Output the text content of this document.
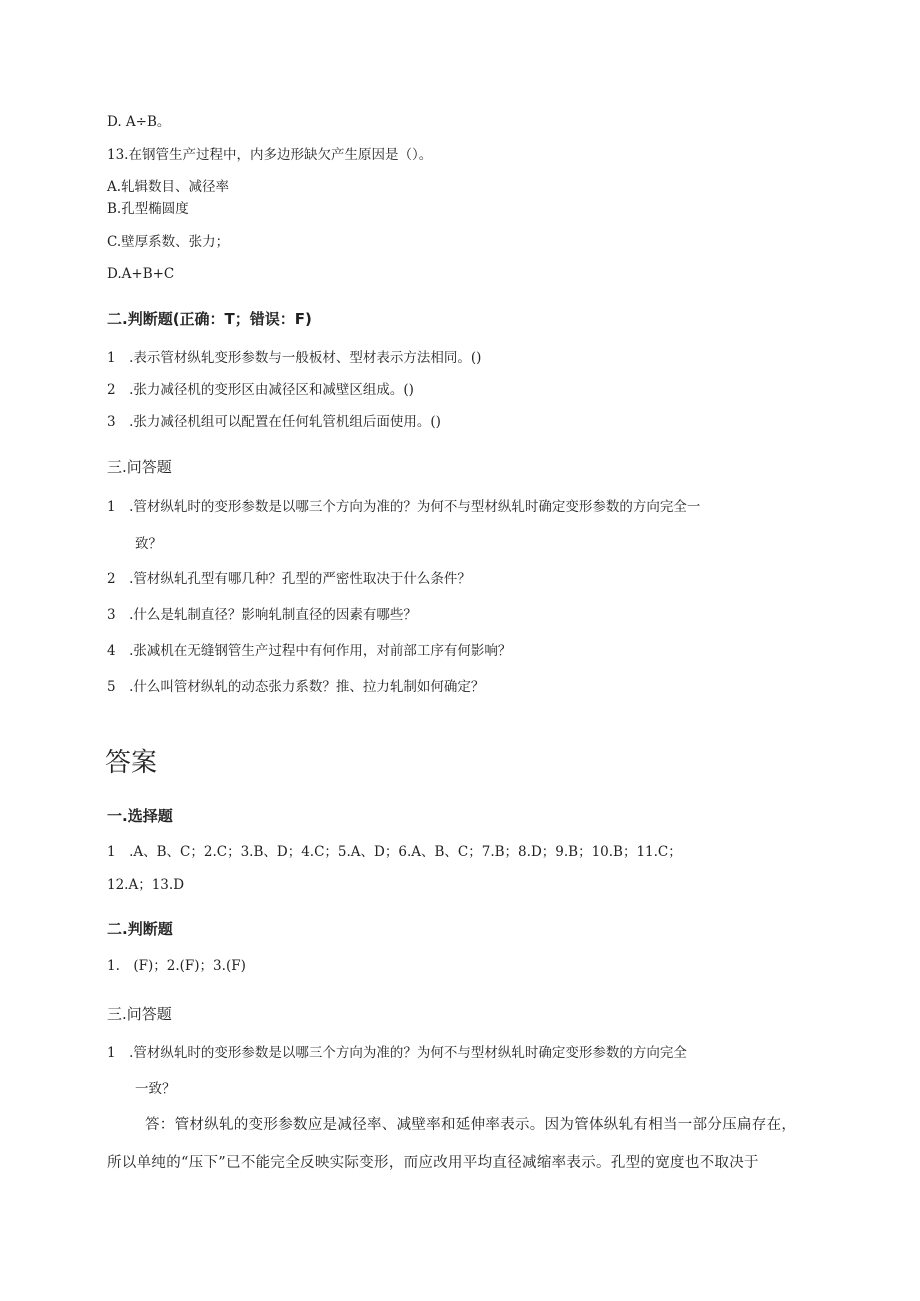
D. A÷B。
13.在钢管生产过程中，内多边形缺欠产生原因是（）。
A.轧辑数目、减径率
B.孔型椭圆度
C.壁厚系数、张力；
D.A+B+C
二.判断题(正确：T；错误：F)
1　.表示管材纵轧变形参数与一般板材、型材表示方法相同。()
2　.张力减径机的变形区由减径区和减壁区组成。()
3　.张力减径机组可以配置在任何轧管机组后面使用。()
三.问答题
1　.管材纵轧时的变形参数是以哪三个方向为准的？为何不与型材纵轧时确定变形参数的方向完全一
致？
2　.管材纵轧孔型有哪几种？孔型的严密性取决于什么条件？
3　.什么是轧制直径？影响轧制直径的因素有哪些？
4　.张减机在无缝钢管生产过程中有何作用，对前部工序有何影响？
5　.什么叫管材纵轧的动态张力系数？推、拉力轧制如何确定？
答案
一.选择题
1　.A、B、C；2.C；3.B、D；4.C；5.A、D；6.A、B、C；7.B；8.D；9.B；10.B；11.C；
12.A；13.D
二.判断题
1.　(F)；2.(F)；3.(F)
三.问答题
1　.管材纵轧时的变形参数是以哪三个方向为准的？为何不与型材纵轧时确定变形参数的方向完全
一致？
答：管材纵轧的变形参数应是减径率、减壁率和延伸率表示。因为管体纵轧有相当一部分压扁存在，
所以单纯的“压下”已不能完全反映实际变形，而应改用平均直径减缩率表示。孔型的宽度也不取决于
